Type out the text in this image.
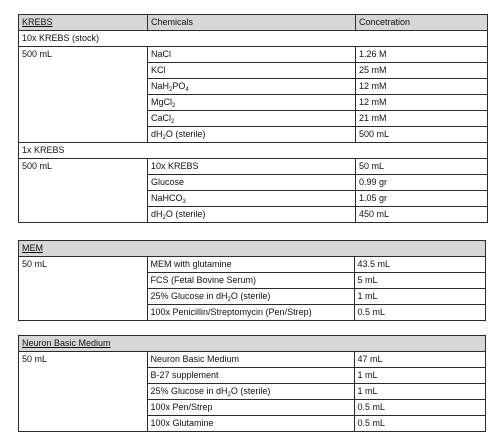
KREBS	Chemicals	Concetration
10x KREBS (stock)		
500 mL	NaCl	1.26 M
	KCl	25 mM
	$NaH_2PO_4$	12 mM
	MgCl$_2$	12 mM
	CaCl$_2$	21 mM
	$dH_2O$ (sterile)	500 mL
1x KREBS		
500 mL	10x KREBS	50 mL
	Glucose	0.99 gr
	NaHCO$_3$	1.05 gr
	$dH_2O$ (sterile)	450 mL
MEM		
50 mL	MEM with glutamine	43.5 mL
	FCS (Fetal Bovine Serum)	5 mL
	25% Glucose in $dH_2O$ (sterile)	1 mL
	100x Penicillin/Streptomycin (Pen/Strep)	0.5 mL
Neuron Basic Medium		
50 mL	Neuron Basic Medium	47 mL
	B-27 supplement	1 mL
	25% Glucose in $dH_2O$ (sterile)	1 mL
	100x Pen/Strep	0.5 mL
	100x Glutamine	0.5 mL
